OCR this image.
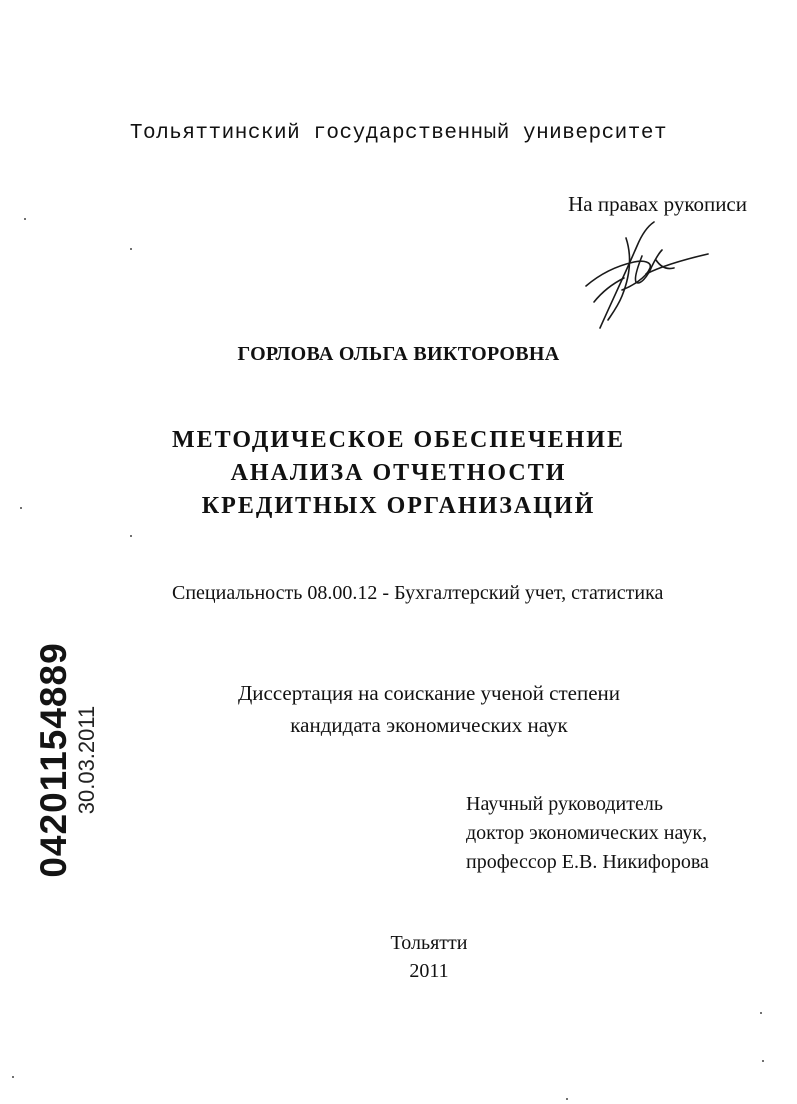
Тольяттинский государственный университет
На правах рукописи
ГОРЛОВА ОЛЬГА ВИКТОРОВНА
МЕТОДИЧЕСКОЕ ОБЕСПЕЧЕНИЕ
АНАЛИЗА ОТЧЕТНОСТИ
КРЕДИТНЫХ ОРГАНИЗАЦИЙ
Специальность 08.00.12 - Бухгалтерский учет, статистика
Диссертация на соискание ученой степени
кандидата экономических наук
Научный руководитель
доктор экономических наук,
профессор Е.В. Никифорова
Тольятти
2011
04201154889 30.03.2011
